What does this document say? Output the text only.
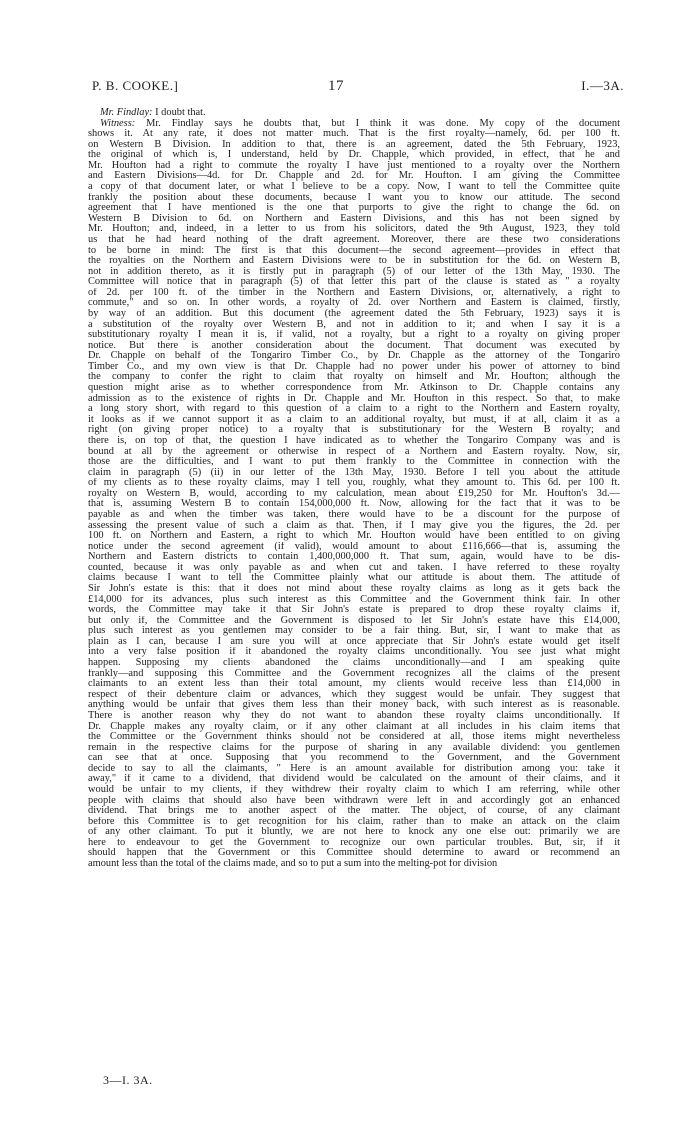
P. B. COOKE.]	17	I.—3A.
Mr. Findlay: I doubt that.
Witness: Mr. Findlay says he doubts that, but I think it was done. My copy of the document
shows it. At any rate, it does not matter much. That is the first royalty—namely, 6d. per 100 ft.
on Western B Division. In addition to that, there is an agreement, dated the 5th February, 1923,
the original of which is, I understand, held by Dr. Chapple, which provided, in effect, that he and
Mr. Houfton had a right to commute the royalty I have just mentioned to a royalty over the Northern
and Eastern Divisions—4d. for Dr. Chapple and 2d. for Mr. Houfton. I am giving the Committee
a copy of that document later, or what I believe to be a copy. Now, I want to tell the Committee quite
frankly the position about these documents, because I want you to know our attitude. The second
agreement that I have mentioned is the one that purports to give the right to change the 6d. on
Western B Division to 6d. on Northern and Eastern Divisions, and this has not been signed by
Mr. Houfton; and, indeed, in a letter to us from his solicitors, dated the 9th August, 1923, they told
us that he had heard nothing of the draft agreement. Moreover, there are these two considerations
to be borne in mind: The first is that this document—the second agreement—provides in effect that
the royalties on the Northern and Eastern Divisions were to be in substitution for the 6d. on Western B,
not in addition thereto, as it is firstly put in paragraph (5) of our letter of the 13th May, 1930. The
Committee will notice that in paragraph (5) of that letter this part of the clause is stated as " a royalty
of 2d. per 100 ft. of the timber in the Northern and Eastern Divisions, or, alternatively, a right to
commute," and so on. In other words, a royalty of 2d. over Northern and Eastern is claimed, firstly,
by way of an addition. But this document (the agreement dated the 5th February, 1923) says it is
a substitution of the royalty over Western B, and not in addition to it; and when I say it is a
substitutionary royalty I mean it is, if valid, not a royalty, but a right to a royalty on giving proper
notice. But there is another consideration about the document. That document was executed by
Dr. Chapple on behalf of the Tongariro Timber Co., by Dr. Chapple as the attorney of the Tongariro
Timber Co., and my own view is that Dr. Chapple had no power under his power of attorney to bind
the company to confer the right to claim that royalty on himself and Mr. Houfton; although the
question might arise as to whether correspondence from Mr. Atkinson to Dr. Chapple contains any
admission as to the existence of rights in Dr. Chapple and Mr. Houfton in this respect. So that, to make
a long story short, with regard to this question of a claim to a right to the Northern and Eastern royalty,
it looks as if we cannot support it as a claim to an additional royalty, but must, if at all, claim it as a
right (on giving proper notice) to a royalty that is substitutionary for the Western B royalty; and
there is, on top of that, the question I have indicated as to whether the Tongariro Company was and is
bound at all by the agreement or otherwise in respect of a Northern and Eastern royalty. Now, sir,
those are the difficulties, and I want to put them frankly to the Committee in connection with the
claim in paragraph (5) (ii) in our letter of the 13th May, 1930. Before I tell you about the attitude
of my clients as to these royalty claims, may I tell you, roughly, what they amount to. This 6d. per 100 ft.
royalty on Western B, would, according to my calculation, mean about £19,250 for Mr. Houfton's 3d.—
that is, assuming Western B to contain 154,000,000 ft. Now, allowing for the fact that it was to be
payable as and when the timber was taken, there would have to be a discount for the purpose of
assessing the present value of such a claim as that. Then, if I may give you the figures, the 2d. per
100 ft. on Northern and Eastern, a right to which Mr. Houfton would have been entitled to on giving
notice under the second agreement (if valid), would amount to about £116,666—that is, assuming the
Northern and Eastern districts to contain 1,400,000,000 ft. That sum, again, would have to be dis-
counted, because it was only payable as and when cut and taken. I have referred to these royalty
claims because I want to tell the Committee plainly what our attitude is about them. The attitude of
Sir John's estate is this: that it does not mind about these royalty claims as long as it gets back the
£14,000 for its advances, plus such interest as this Committee and the Government think fair. In other
words, the Committee may take it that Sir John's estate is prepared to drop these royalty claims if,
but only if, the Committee and the Government is disposed to let Sir John's estate have this £14,000,
plus such interest as you gentlemen may consider to be a fair thing. But, sir, I want to make that as
plain as I can, because I am sure you will at once appreciate that Sir John's estate would get itself
into a very false position if it abandoned the royalty claims unconditionally. You see just what might
happen. Supposing my clients abandoned the claims unconditionally—and I am speaking quite
frankly—and supposing this Committee and the Government recognizes all the claims of the present
claimants to an extent less than their total amount, my clients would receive less than £14,000 in
respect of their debenture claim or advances, which they suggest would be unfair. They suggest that
anything would be unfair that gives them less than their money back, with such interest as is reasonable.
There is another reason why they do not want to abandon these royalty claims unconditionally. If
Dr. Chapple makes any royalty claim, or if any other claimant at all includes in his claim items that
the Committee or the Government thinks should not be considered at all, those items might nevertheless
remain in the respective claims for the purpose of sharing in any available dividend: you gentlemen
can see that at once. Supposing that you recommend to the Government, and the Government
decide to say to all the claimants, " Here is an amount available for distribution among you: take it
away," if it came to a dividend, that dividend would be calculated on the amount of their claims, and it
would be unfair to my clients, if they withdrew their royalty claim to which I am referring, while other
people with claims that should also have been withdrawn were left in and accordingly got an enhanced
dividend. That brings me to another aspect of the matter. The object, of course, of any claimant
before this Committee is to get recognition for his claim, rather than to make an attack on the claim
of any other claimant. To put it bluntly, we are not here to knock any one else out: primarily we are
here to endeavour to get the Government to recognize our own particular troubles. But, sir, if it
should happen that the Government or this Committee should determine to award or recommend an
amount less than the total of the claims made, and so to put a sum into the melting-pot for division
3—I. 3A.
